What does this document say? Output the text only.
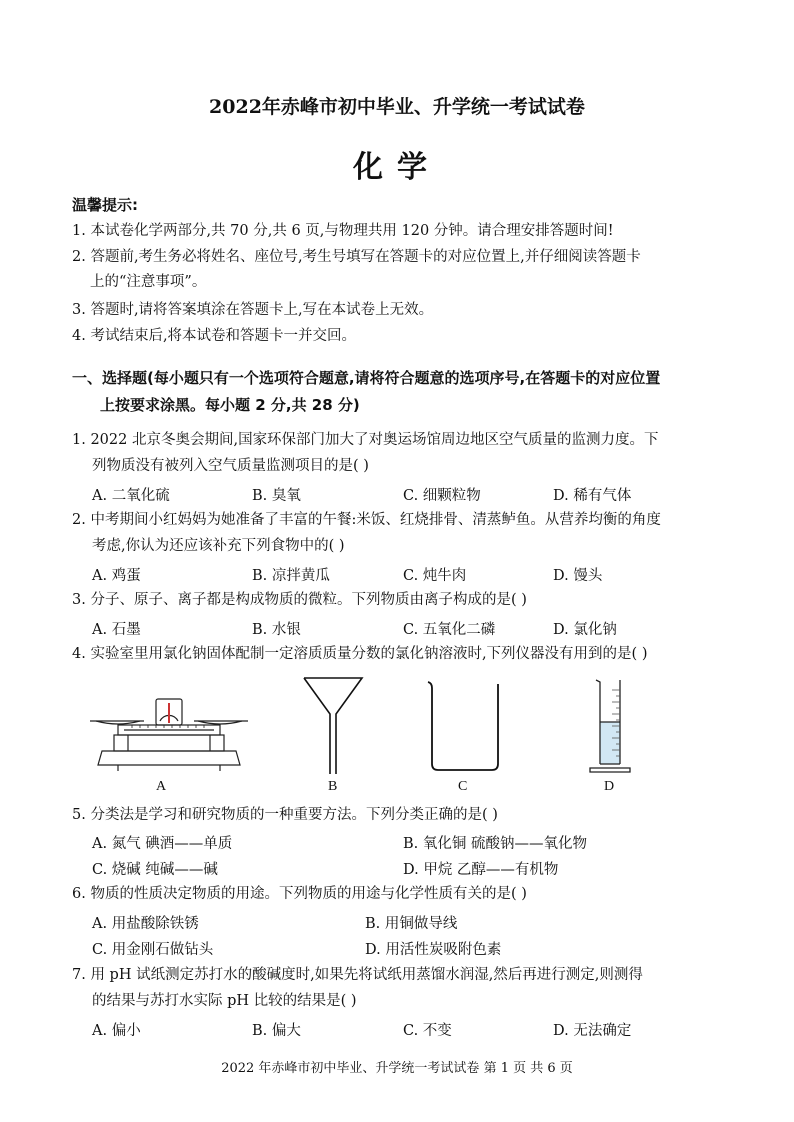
2022年赤峰市初中毕业、升学统一考试试卷
化学
温馨提示:
1. 本试卷化学两部分,共 70 分,共 6 页,与物理共用 120 分钟。请合理安排答题时间!
2. 答题前,考生务必将姓名、座位号,考生号填写在答题卡的对应位置上,并仔细阅读答题卡
上的“注意事项”。
3. 答题时,请将答案填涂在答题卡上,写在本试卷上无效。
4. 考试结束后,将本试卷和答题卡一并交回。
一、选择题(每小题只有一个选项符合题意,请将符合题意的选项序号,在答题卡的对应位置
上按要求涂黑。每小题 2 分,共 28 分)
1. 2022 北京冬奥会期间,国家环保部门加大了对奥运场馆周边地区空气质量的监测力度。下
列物质没有被列入空气质量监测项目的是( )
A. 二氧化硫	B. 臭氧	C. 细颗粒物	D. 稀有气体
2. 中考期间小红妈妈为她准备了丰富的午餐:米饭、红烧排骨、清蒸鲈鱼。从营养均衡的角度
考虑,你认为还应该补充下列食物中的( )
A. 鸡蛋	B. 凉拌黄瓜	C. 炖牛肉	D. 馒头
3. 分子、原子、离子都是构成物质的微粒。下列物质由离子构成的是( )
A. 石墨	B. 水银	C. 五氧化二磷	D. 氯化钠
4. 实验室里用氯化钠固体配制一定溶质质量分数的氯化钠溶液时,下列仪器没有用到的是( )
A	B	C	D
5. 分类法是学习和研究物质的一种重要方法。下列分类正确的是( )
A. 氮气 碘酒——单质	B. 氧化铜 硫酸钠——氧化物
C. 烧碱 纯碱——碱	D. 甲烷 乙醇——有机物
6. 物质的性质决定物质的用途。下列物质的用途与化学性质有关的是( )
A. 用盐酸除铁锈	B. 用铜做导线
C. 用金刚石做钻头	D. 用活性炭吸附色素
7. 用 pH 试纸测定苏打水的酸碱度时,如果先将试纸用蒸馏水润湿,然后再进行测定,则测得
的结果与苏打水实际 pH 比较的结果是( )
A. 偏小	B. 偏大	C. 不变	D. 无法确定
2022 年赤峰市初中毕业、升学统一考试试卷 第 1 页 共 6 页
